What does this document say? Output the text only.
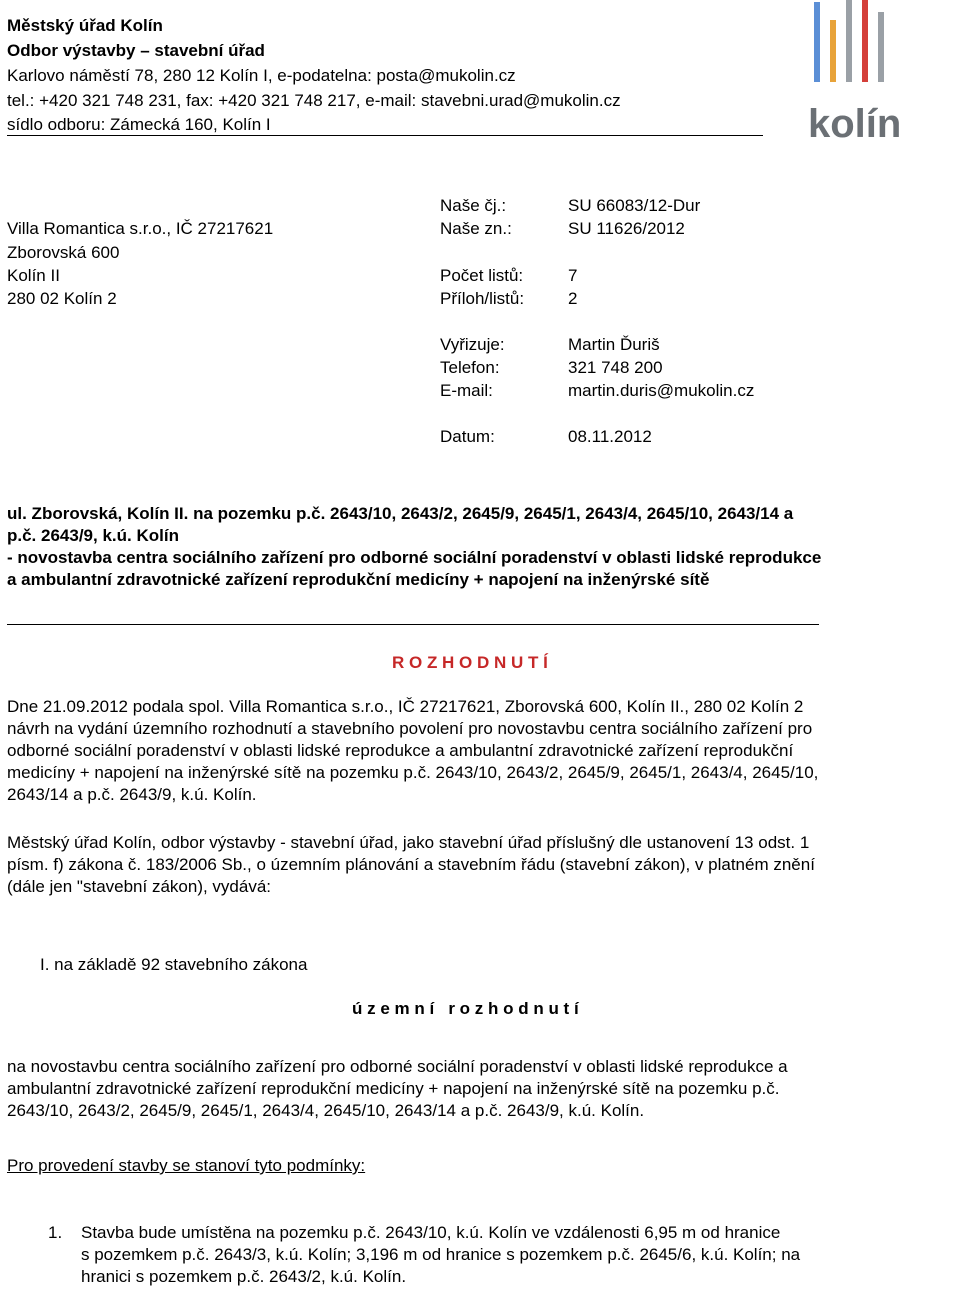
Městský úřad Kolín
Odbor výstavby – stavební úřad
Karlovo náměstí 78, 280 12 Kolín I, e-podatelna: posta@mukolin.cz
tel.: +420 321 748 231, fax: +420 321 748 217, e-mail: stavebni.urad@mukolin.cz
sídlo odboru: Zámecká 160, Kolín I	kolín
Villa Romantica s.r.o., IČ 27217621
Zborovská 600
Kolín II
280 02 Kolín 2
Naše čj.:	SU 66083/12-Dur
Naše zn.:	SU 11626/2012
Počet listů:	7
Příloh/listů:	2
Vyřizuje:	Martin Ďuriš
Telefon:	321 748 200
E-mail:	martin.duris@mukolin.cz
Datum:	08.11.2012
ul. Zborovská, Kolín II. na pozemku p.č. 2643/10, 2643/2, 2645/9, 2645/1, 2643/4, 2645/10, 2643/14 a
p.č. 2643/9, k.ú. Kolín
- novostavba centra sociálního zařízení pro odborné sociální poradenství v oblasti lidské reprodukce
a ambulantní zdravotnické zařízení reprodukční medicíny + napojení na inženýrské sítě
R O Z H O D N U T Í
Dne 21.09.2012 podala spol. Villa Romantica s.r.o., IČ 27217621, Zborovská 600, Kolín II., 280 02 Kolín 2
návrh na vydání územního rozhodnutí a stavebního povolení pro novostavbu centra sociálního zařízení pro
odborné sociální poradenství v oblasti lidské reprodukce a ambulantní zdravotnické zařízení reprodukční
medicíny + napojení na inženýrské sítě na pozemku p.č. 2643/10, 2643/2, 2645/9, 2645/1, 2643/4, 2645/10,
2643/14 a p.č. 2643/9, k.ú. Kolín.
Městský úřad Kolín, odbor výstavby - stavební úřad, jako stavební úřad příslušný dle ustanovení 13 odst. 1
písm. f) zákona č. 183/2006 Sb., o územním plánování a stavebním řádu (stavební zákon), v platném znění
(dále jen "stavební zákon), vydává:
I. na základě 92 stavebního zákona
ú z e m n í   r o z h o d n u t í
na novostavbu centra sociálního zařízení pro odborné sociální poradenství v oblasti lidské reprodukce a
ambulantní zdravotnické zařízení reprodukční medicíny + napojení na inženýrské sítě na pozemku p.č.
2643/10, 2643/2, 2645/9, 2645/1, 2643/4, 2645/10, 2643/14 a p.č. 2643/9, k.ú. Kolín.
Pro provedení stavby se stanoví tyto podmínky:
1. Stavba bude umístěna na pozemku p.č. 2643/10, k.ú. Kolín ve vzdálenosti 6,95 m od hranice
s pozemkem p.č. 2643/3, k.ú. Kolín; 3,196 m od hranice s pozemkem p.č. 2645/6, k.ú. Kolín; na
hranici s pozemkem p.č. 2643/2, k.ú. Kolín.
